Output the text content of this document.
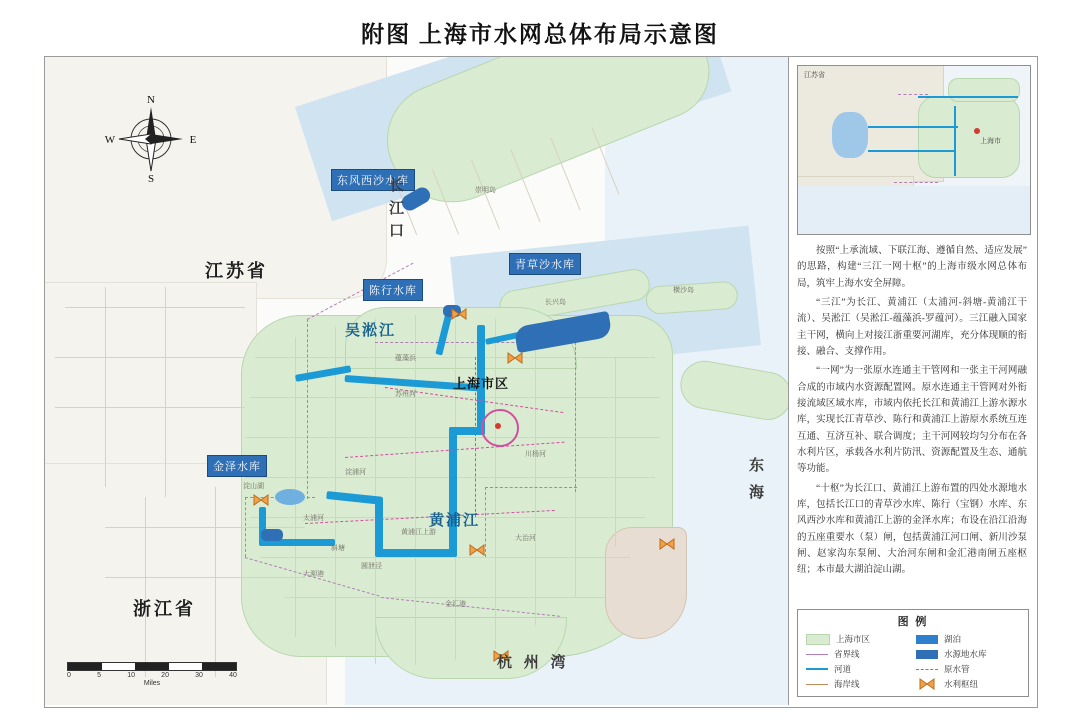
附图 上海市水网总体布局示意图
上海市区
东风西沙水库
陈行水库
青草沙水库
金泽水库
江苏省
浙江省
东 海
杭 州 湾
长 江 口
吴淞江
黄浦江
崇明岛
长兴岛
横沙岛
淀山湖
太浦河
苏州河
川杨河
大治河
金汇港
淀浦河
蕴藻浜
斜塘
圆泄泾
大泖港
黄浦江上游
N
S
E
W
0	5	10	20	30	40
Miles
江苏省
上海市

按照“上承流域、下联江海、遵循自然、适应发展”的思路，构建“三江一网十枢”的上海市级水网总体布局，筑牢上海水安全屏障。

“三江”为长江、黄浦江（太浦河-斜塘-黄浦江干流）、吴淞江（吴淞江-蕴藻浜-罗蕴河）。三江融入国家主干网，横向上对接江浙重要河湖库，充分体现顺的衔接、融合、支撑作用。

“一网”为一张原水连通主干管网和一张主干河网融合成的市域内水资源配置网。原水连通主干管网对外衔接流域区域水库，市域内依托长江和黄浦江上游水源水库，实现长江青草沙、陈行和黄浦江上游原水系统互连互通、互济互补、联合调度；主干河网较均匀分布在各水利片区，承载各水利片防汛、资源配置及生态、通航等功能。

“十枢”为长江口、黄浦江上游布置的四处水源地水库，包括长江口的青草沙水库、陈行（宝钢）水库、东风西沙水库和黄浦江上游的金泽水库；布设在沿江沿海的五座重要水（泵）闸，包括黄浦江河口闸、新川沙泵闸、赵家沟东泵闸、大治河东闸和金汇港南闸五座枢纽；本市最大湖泊淀山湖。

图 例
上海市区	湖泊
省界线	水源地水库
河道	原水管
海岸线	水利枢纽
